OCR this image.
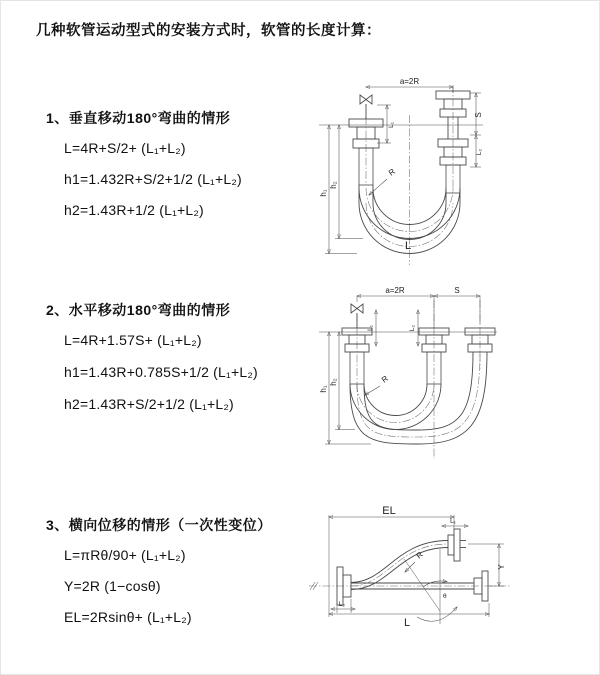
几种软管运动型式的安装方式时，软管的长度计算：
1、垂直移动180°弯曲的情形
L=4R+S/2+ (L₁+L₂)
h1=1.432R+S/2+1/2 (L₁+L₂)
h2=1.43R+1/2 (L₁+L₂)
a=2R
h₁
h₂
L₁
S
L₂
R
L
2、水平移动180°弯曲的情形
L=4R+1.57S+ (L₁+L₂)
h1=1.43R+0.785S+1/2 (L₁+L₂)
h2=1.43R+S/2+1/2 (L₁+L₂)
a=2R	S
h₁
h₂
L₁	L₂
R
3、横向位移的情形（一次性变位）
L=πRθ/90+ (L₁+L₂)
Y=2R (1−cosθ)
EL=2Rsinθ+ (L₁+L₂)
EL
L₁
Y
θ
R
L₂
L
